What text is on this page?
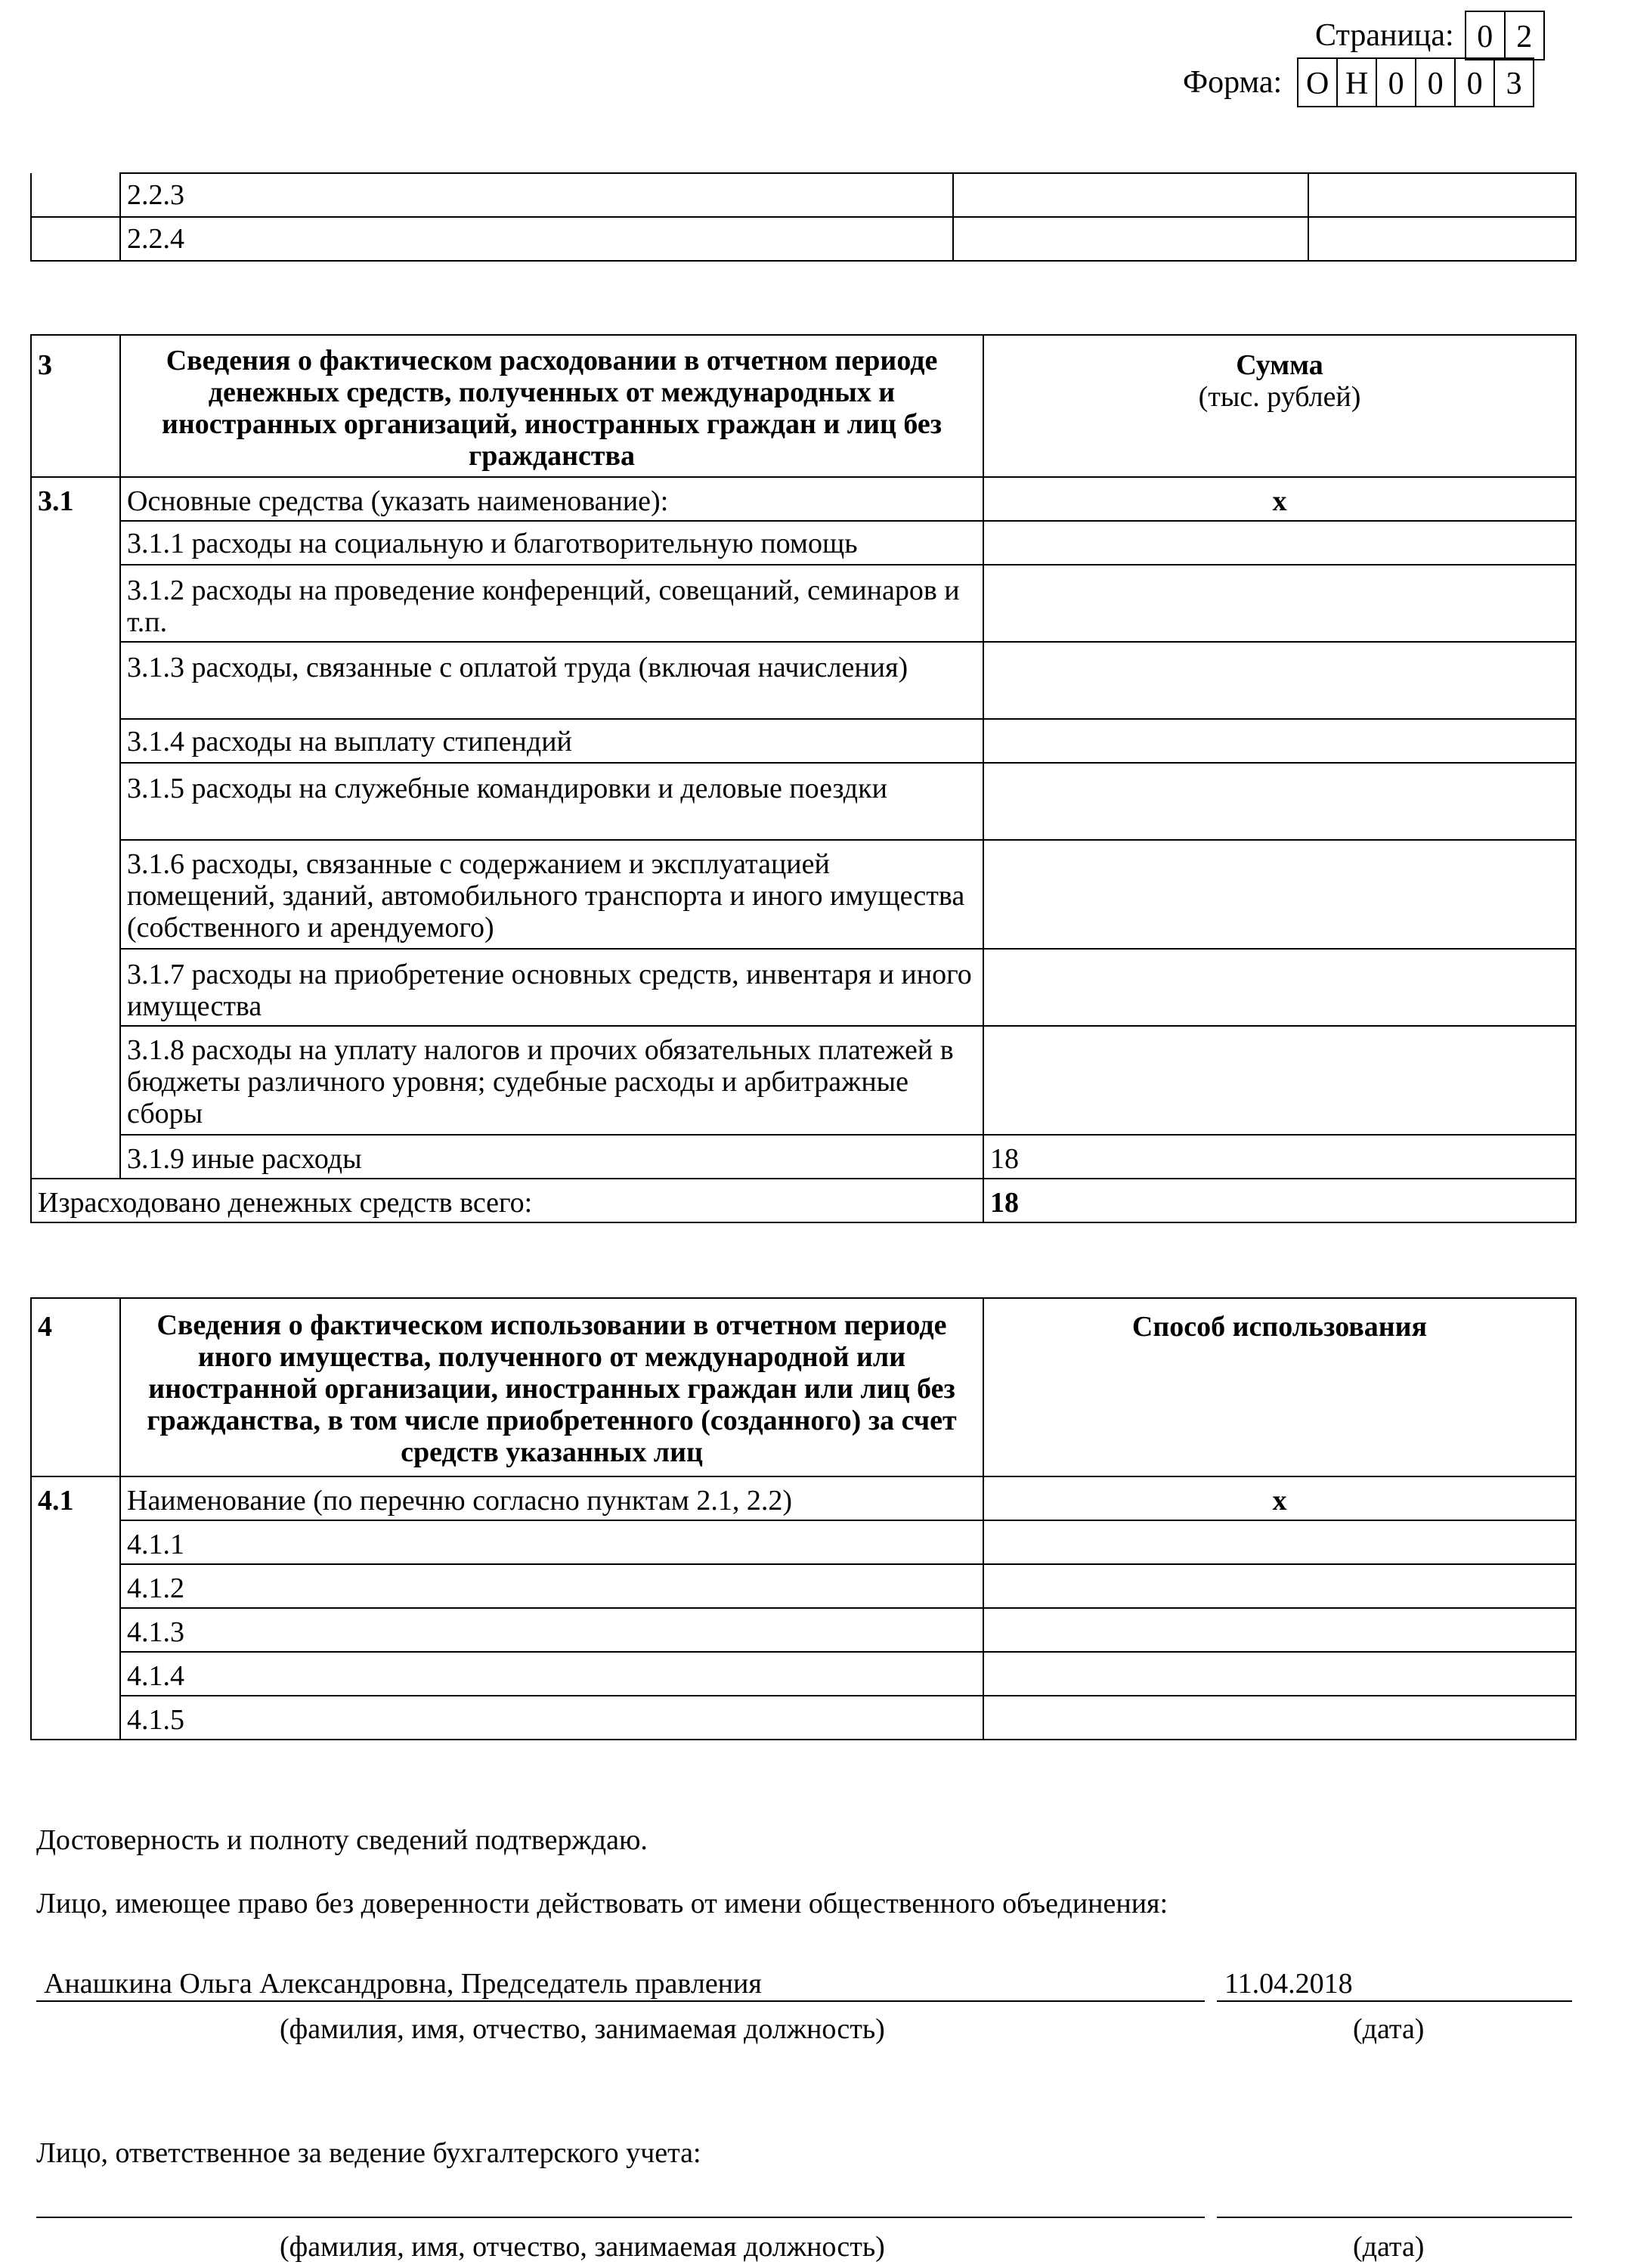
Страница: 0 2
Форма: О Н 0 0 0 3
	2.2.3		
	2.2.4		
3	Сведения о фактическом расходовании в отчетном периоде денежных средств, полученных от международных и иностранных организаций, иностранных граждан и лиц без гражданства	Сумма
(тыс. рублей)

3.1	Основные средства (указать наименование):	х
	3.1.1 расходы на социальную и благотворительную помощь	
	3.1.2 расходы на проведение конференций, совещаний, семинаров и т.п.	
	3.1.3 расходы, связанные с оплатой труда (включая начисления)	
	3.1.4 расходы на выплату стипендий	
	3.1.5 расходы на служебные командировки и деловые поездки	
	3.1.6 расходы, связанные с содержанием и эксплуатацией помещений, зданий, автомобильного транспорта и иного имущества (собственного и арендуемого)	
	3.1.7 расходы на приобретение основных средств, инвентаря и иного имущества	
	3.1.8 расходы на уплату налогов и прочих обязательных платежей в бюджеты различного уровня; судебные расходы и арбитражные сборы	
	3.1.9 иные расходы	18
Израсходовано денежных средств всего:		18
4	Сведения о фактическом использовании в отчетном периоде иного имущества, полученного от международной или иностранной организации, иностранных граждан или лиц без гражданства, в том числе приобретенного (созданного) за счет средств указанных лиц	Способ использования
4.1	Наименование (по перечню согласно пунктам 2.1, 2.2)	х
	4.1.1	
	4.1.2	
	4.1.3	
	4.1.4	
	4.1.5	
Достоверность и полноту сведений подтверждаю.
Лицо, имеющее право без доверенности действовать от имени общественного объединения:
Анашкина Ольга Александровна, Председатель правления	11.04.2018
(фамилия, имя, отчество, занимаемая должность)	(дата)
Лицо, ответственное за ведение бухгалтерского учета:
(фамилия, имя, отчество, занимаемая должность)	(дата)
